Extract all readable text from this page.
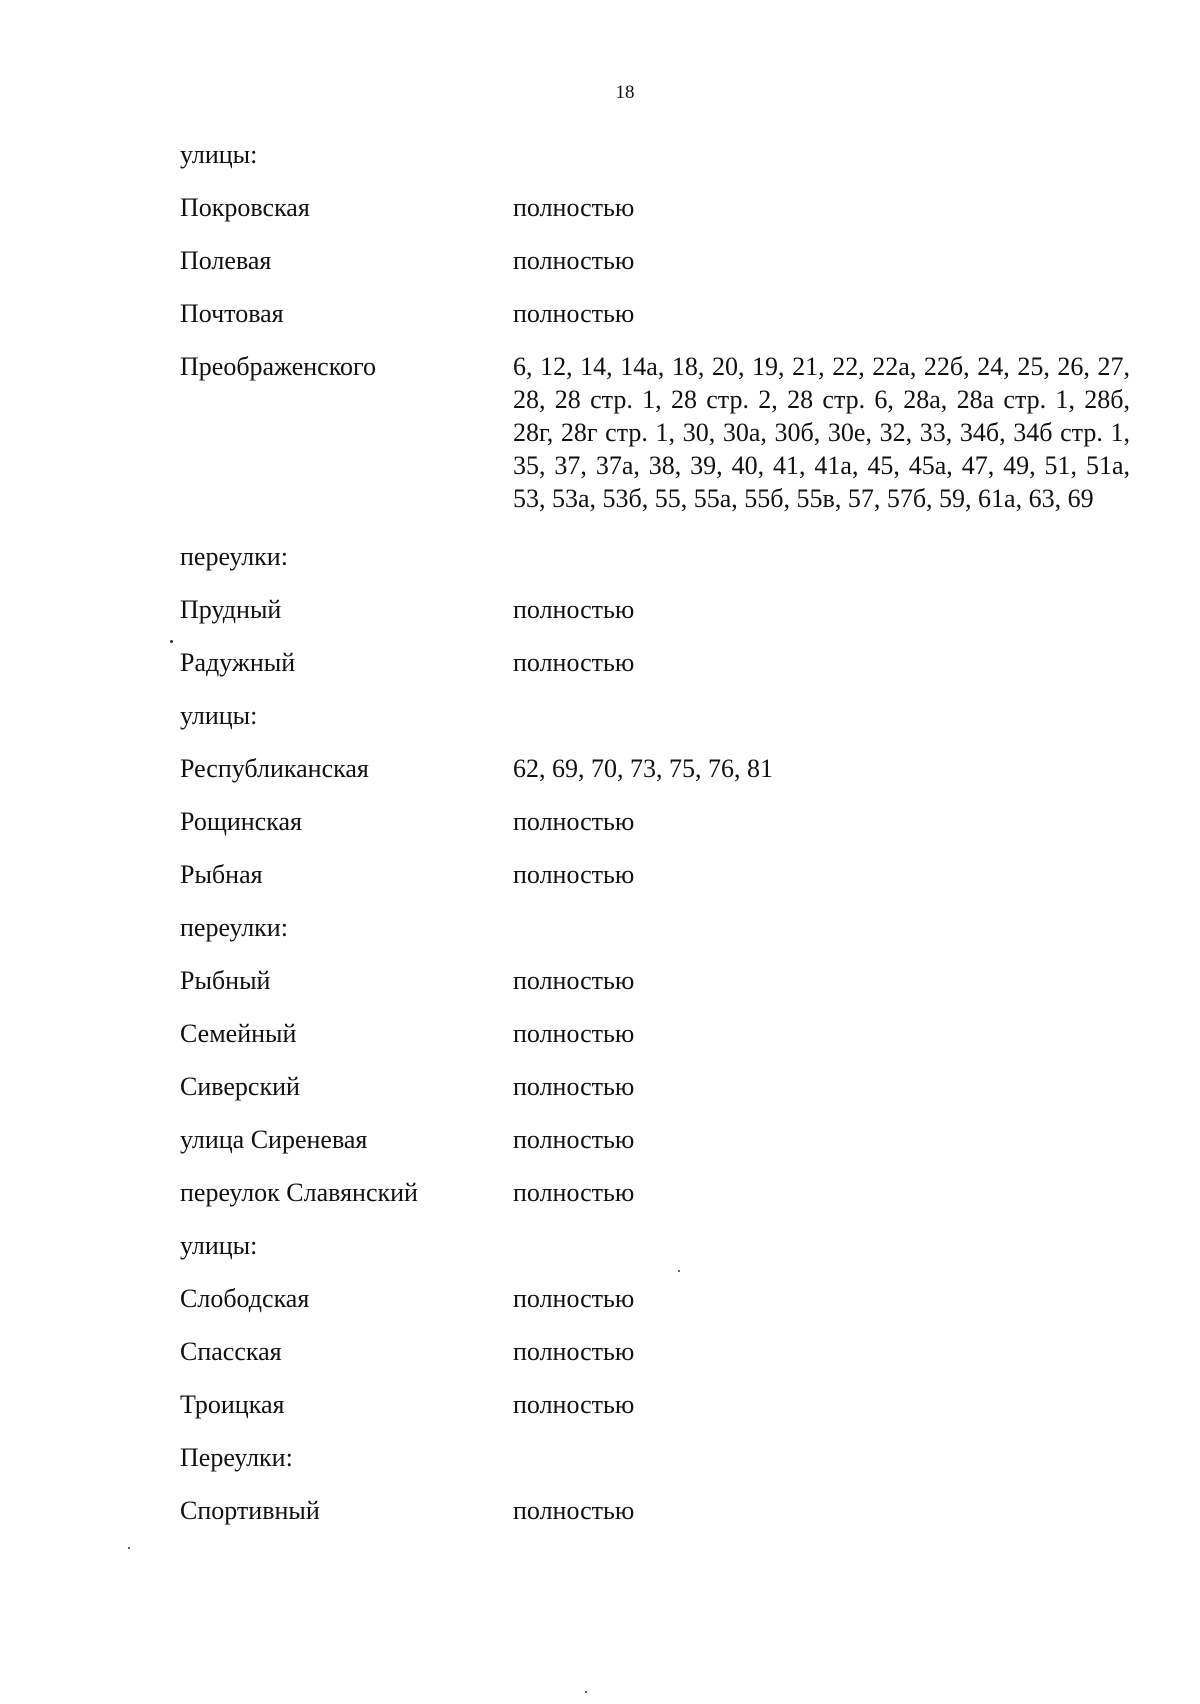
18
улицы:
Покровская	полностью
Полевая	полностью
Почтовая	полностью
Преображенского	6, 12, 14, 14а, 18, 20, 19, 21, 22, 22а, 22б, 24, 25, 26, 27, 28, 28 стр. 1, 28 стр. 2, 28 стр. 6, 28а, 28а стр. 1, 28б, 28г, 28г стр. 1, 30, 30а, 30б, 30е, 32, 33, 34б, 34б стр. 1, 35, 37, 37а, 38, 39, 40, 41, 41а, 45, 45а, 47, 49, 51, 51а, 53, 53а, 53б, 55, 55а, 55б, 55в, 57, 57б, 59, 61а, 63, 69
переулки:
Прудный	полностью
Радужный	полностью
улицы:
Республиканская	62, 69, 70, 73, 75, 76, 81
Рощинская	полностью
Рыбная	полностью
переулки:
Рыбный	полностью
Семейный	полностью
Сиверский	полностью
улица Сиреневая	полностью
переулок Славянский	полностью
улицы:
Слободская	полностью
Спасская	полностью
Троицкая	полностью
Переулки:
Спортивный	полностью
